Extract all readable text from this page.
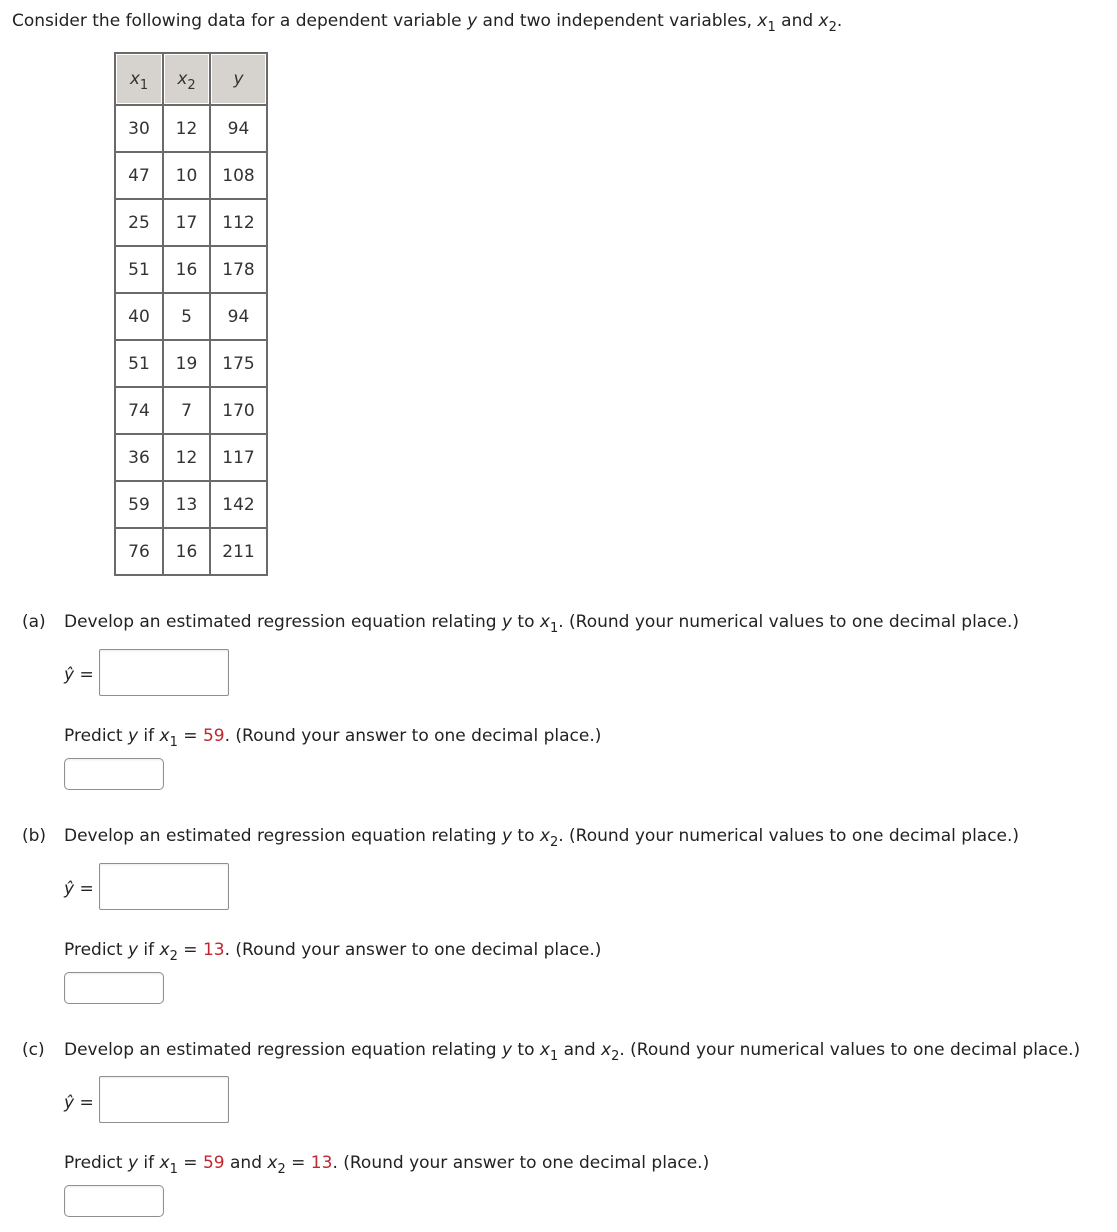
Consider the following data for a dependent variable y and two independent variables, $x_1$ and $x_2$.
$x_1$	$x_2$	y
30	12	94
47	10	108
25	17	112
51	16	178
40	5	94
51	19	175
74	7	170
36	12	117
59	13	142
76	16	211
(a) Develop an estimated regression equation relating y to $x_1$. (Round your numerical values to one decimal place.)
ŷ =
Predict y if $x_1 = 59$. (Round your answer to one decimal place.)
(b) Develop an estimated regression equation relating y to $x_2$. (Round your numerical values to one decimal place.)
ŷ =
Predict y if $x_2 = 13$. (Round your answer to one decimal place.)
(c) Develop an estimated regression equation relating y to $x_1$ and $x_2$. (Round your numerical values to one decimal place.)
ŷ =
Predict y if $x_1 = 59$ and $x_2 = 13$. (Round your answer to one decimal place.)
